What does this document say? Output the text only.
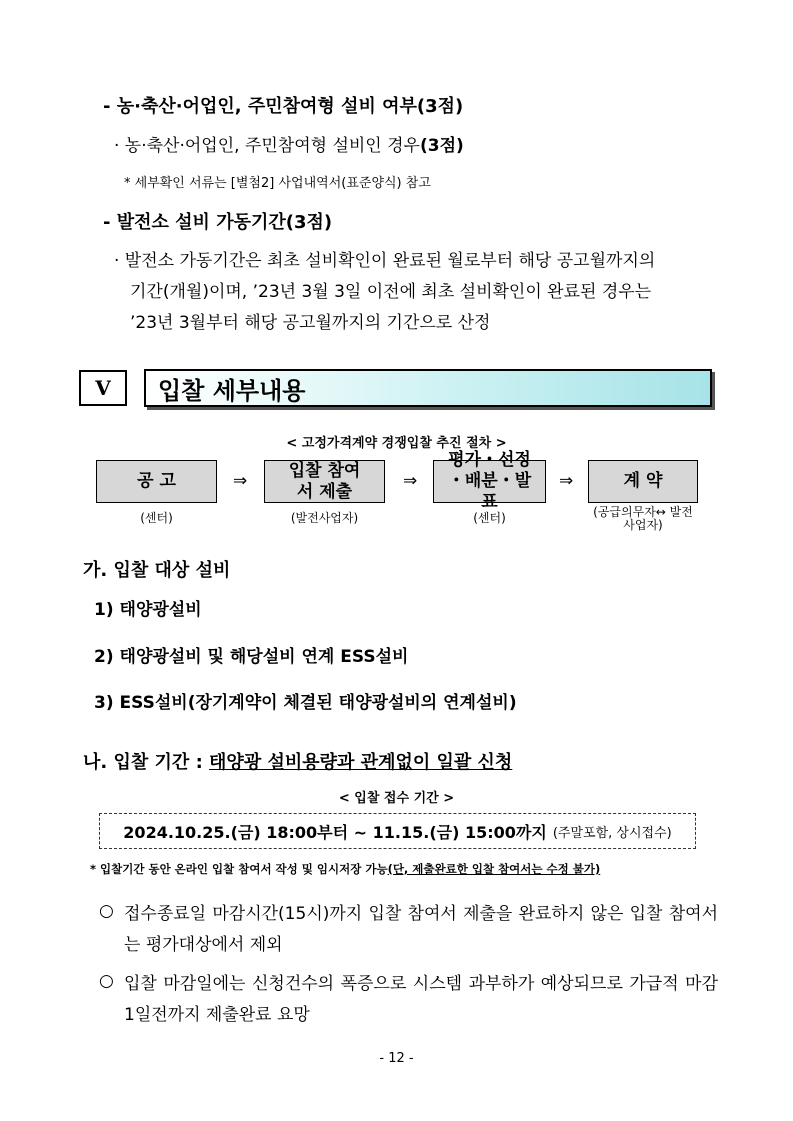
- 농·축산·어업인, 주민참여형 설비 여부(3점)
· 농·축산·어업인, 주민참여형 설비인 경우(3점)
* 세부확인 서류는 [별첨2] 사업내역서(표준양식) 참고
- 발전소 설비 가동기간(3점)
· 발전소 가동기간은 최초 설비확인이 완료된 월로부터 해당 공고월까지의
기간(개월)이며, ’23년 3월 3일 이전에 최초 설비확인이 완료된 경우는
’23년 3월부터 해당 공고월까지의 기간으로 산정
V	입찰 세부내용
< 고정가격계약 경쟁입찰 추진 절차 >
공 고	⇒
입찰 참여서 제출
⇒
평가・선정 ・배분・발표
⇒	계 약
(센터)	(발전사업자)	(센터)	(공급의무자↔ 발전사업자)
가. 입찰 대상 설비
1) 태양광설비
2) 태양광설비 및 해당설비 연계 ESS설비
3) ESS설비(장기계약이 체결된 태양광설비의 연계설비)
나. 입찰 기간 : 태양광 설비용량과 관계없이 일괄 신청
< 입찰 접수 기간 >
2024.10.25.(금) 18:00부터 ~ 11.15.(금) 15:00까지 (주말포함, 상시접수)
* 입찰기간 동안 온라인 입찰 참여서 작성 및 임시저장 가능(단, 제출완료한 입찰 참여서는 수정 불가)
○ 접수종료일 마감시간(15시)까지 입찰 참여서 제출을 완료하지 않은 입찰 참여서는 평가대상에서 제외
○ 입찰 마감일에는 신청건수의 폭증으로 시스템 과부하가 예상되므로 가급적 마감 1일전까지 제출완료 요망
- 12 -
